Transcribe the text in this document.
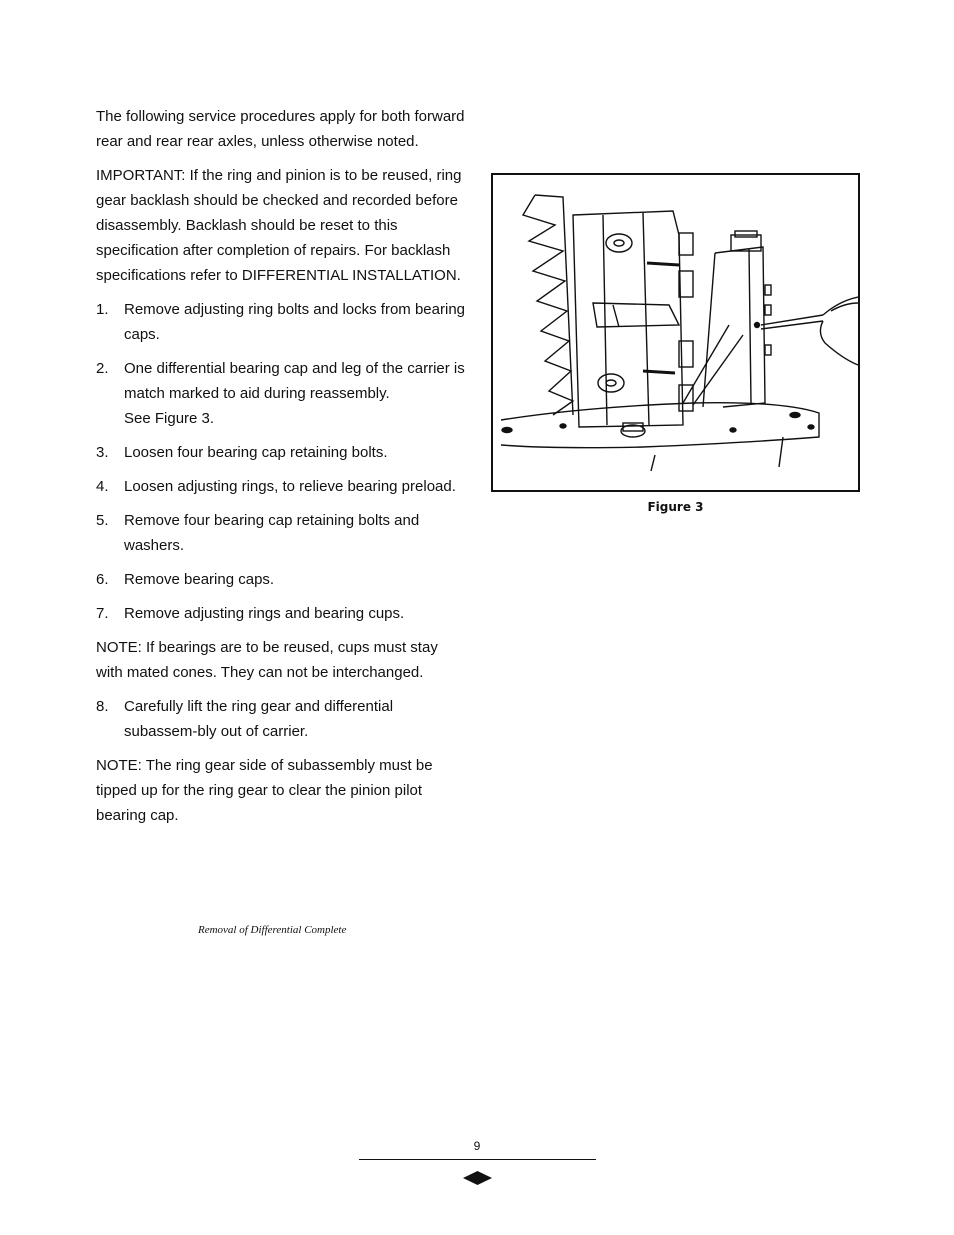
The following service procedures apply for both forward rear and rear rear axles, unless otherwise noted.

IMPORTANT: If the ring and pinion is to be reused, ring gear backlash should be checked and recorded before disassembly. Backlash should be reset to this specification after completion of repairs. For backlash specifications refer to DIFFERENTIAL INSTALLATION.

1.	Remove adjusting ring bolts and locks from bearing caps.
2.	One differential bearing cap and leg of the carrier is match marked to aid during reassembly.
See Figure 3.
3.	Loosen four bearing cap retaining bolts.
4.	Loosen adjusting rings, to relieve bearing preload.
5.	Remove four bearing cap retaining bolts and washers.
6.	Remove bearing caps.
7.	Remove adjusting rings and bearing cups.

NOTE: If bearings are to be reused, cups must stay with mated cones. They can not be interchanged.

8.	Carefully lift the ring gear and differential subassem-bly out of carrier.

NOTE: The ring gear side of subassembly must be tipped up for the ring gear to clear the pinion pilot bearing cap.

Figure 3
Removal of Differential Complete
9
